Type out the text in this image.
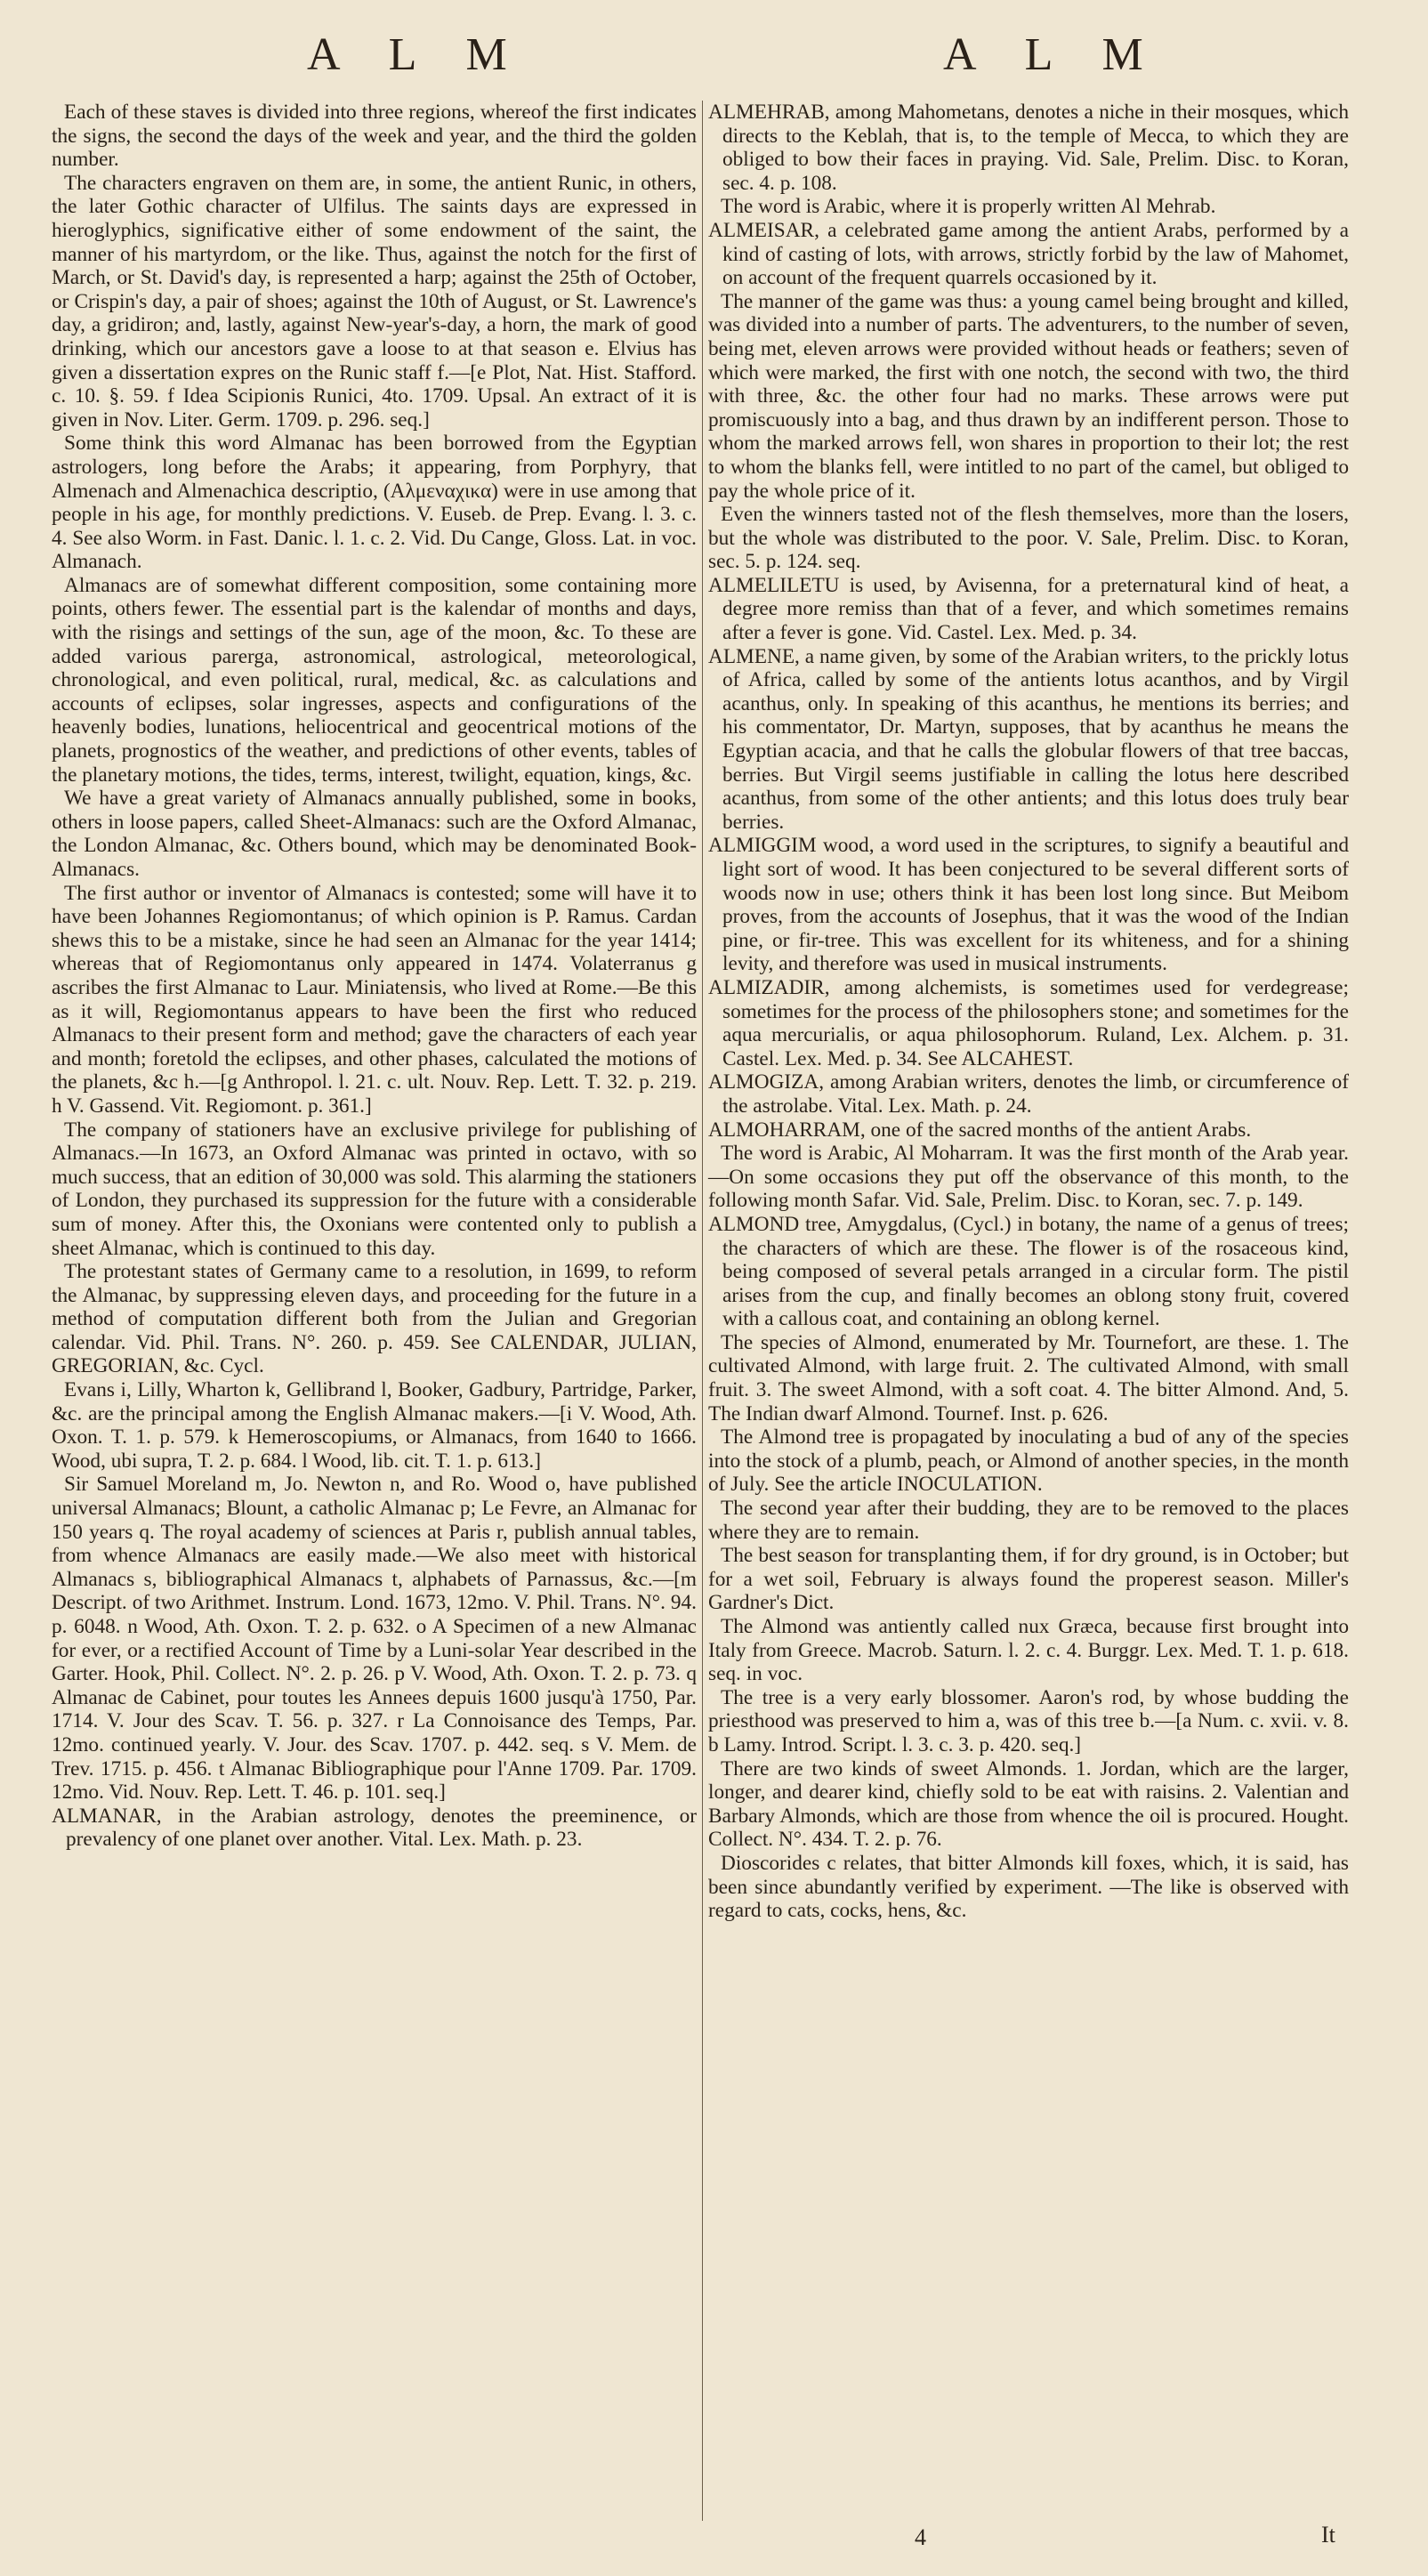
A L M	A L M

Each of these staves is divided into three regions, whereof the first indicates the signs, the second the days of the week and year, and the third the golden number.

The characters engraven on them are, in some, the antient Runic, in others, the later Gothic character of Ulfilus. The saints days are expressed in hieroglyphics, significative either of some endowment of the saint, the manner of his martyrdom, or the like. Thus, against the notch for the first of March, or St. David's day, is represented a harp; against the 25th of October, or Crispin's day, a pair of shoes; against the 10th of August, or St. Lawrence's day, a gridiron; and, lastly, against New-year's-day, a horn, the mark of good drinking, which our ancestors gave a loose to at that season e. Elvius has given a dissertation expres on the Runic staff f.—[e Plot, Nat. Hist. Stafford. c. 10. §. 59. f Idea Scipionis Runici, 4to. 1709. Upsal. An extract of it is given in Nov. Liter. Germ. 1709. p. 296. seq.]

Some think this word Almanac has been borrowed from the Egyptian astrologers, long before the Arabs; it appearing, from Porphyry, that Almenach and Almenachica descriptio, (Αλμεναχικα) were in use among that people in his age, for monthly predictions. V. Euseb. de Prep. Evang. l. 3. c. 4. See also Worm. in Fast. Danic. l. 1. c. 2. Vid. Du Cange, Gloss. Lat. in voc. Almanach.

Almanacs are of somewhat different composition, some containing more points, others fewer. The essential part is the kalendar of months and days, with the risings and settings of the sun, age of the moon, &c. To these are added various parerga, astronomical, astrological, meteorological, chronological, and even political, rural, medical, &c. as calculations and accounts of eclipses, solar ingresses, aspects and configurations of the heavenly bodies, lunations, heliocentrical and geocentrical motions of the planets, prognostics of the weather, and predictions of other events, tables of the planetary motions, the tides, terms, interest, twilight, equation, kings, &c.

We have a great variety of Almanacs annually published, some in books, others in loose papers, called Sheet-Almanacs: such are the Oxford Almanac, the London Almanac, &c. Others bound, which may be denominated Book-Almanacs.

The first author or inventor of Almanacs is contested; some will have it to have been Johannes Regiomontanus; of which opinion is P. Ramus. Cardan shews this to be a mistake, since he had seen an Almanac for the year 1414; whereas that of Regiomontanus only appeared in 1474. Volaterranus g ascribes the first Almanac to Laur. Miniatensis, who lived at Rome.—Be this as it will, Regiomontanus appears to have been the first who reduced Almanacs to their present form and method; gave the characters of each year and month; foretold the eclipses, and other phases, calculated the motions of the planets, &c h.—[g Anthropol. l. 21. c. ult. Nouv. Rep. Lett. T. 32. p. 219. h V. Gassend. Vit. Regiomont. p. 361.]

The company of stationers have an exclusive privilege for publishing of Almanacs.—In 1673, an Oxford Almanac was printed in octavo, with so much success, that an edition of 30,000 was sold. This alarming the stationers of London, they purchased its suppression for the future with a considerable sum of money. After this, the Oxonians were contented only to publish a sheet Almanac, which is continued to this day.

The protestant states of Germany came to a resolution, in 1699, to reform the Almanac, by suppressing eleven days, and proceeding for the future in a method of computation different both from the Julian and Gregorian calendar. Vid. Phil. Trans. N°. 260. p. 459. See CALENDAR, JULIAN, GREGORIAN, &c. Cycl.

Evans i, Lilly, Wharton k, Gellibrand l, Booker, Gadbury, Partridge, Parker, &c. are the principal among the English Almanac makers.—[i V. Wood, Ath. Oxon. T. 1. p. 579. k Hemeroscopiums, or Almanacs, from 1640 to 1666. Wood, ubi supra, T. 2. p. 684. l Wood, lib. cit. T. 1. p. 613.]

Sir Samuel Moreland m, Jo. Newton n, and Ro. Wood o, have published universal Almanacs; Blount, a catholic Almanac p; Le Fevre, an Almanac for 150 years q. The royal academy of sciences at Paris r, publish annual tables, from whence Almanacs are easily made.—We also meet with historical Almanacs s, bibliographical Almanacs t, alphabets of Parnassus, &c.—[m Descript. of two Arithmet. Instrum. Lond. 1673, 12mo. V. Phil. Trans. N°. 94. p. 6048. n Wood, Ath. Oxon. T. 2. p. 632. o A Specimen of a new Almanac for ever, or a rectified Account of Time by a Luni-solar Year described in the Garter. Hook, Phil. Collect. N°. 2. p. 26. p V. Wood, Ath. Oxon. T. 2. p. 73. q Almanac de Cabinet, pour toutes les Annees depuis 1600 jusqu'à 1750, Par. 1714. V. Jour des Scav. T. 56. p. 327. r La Connoisance des Temps, Par. 12mo. continued yearly. V. Jour. des Scav. 1707. p. 442. seq. s V. Mem. de Trev. 1715. p. 456. t Almanac Bibliographique pour l'Anne 1709. Par. 1709. 12mo. Vid. Nouv. Rep. Lett. T. 46. p. 101. seq.]

ALMANAR, in the Arabian astrology, denotes the preeminence, or prevalency of one planet over another. Vital. Lex. Math. p. 23.

ALMEHRAB, among Mahometans, denotes a niche in their mosques, which directs to the Keblah, that is, to the temple of Mecca, to which they are obliged to bow their faces in praying. Vid. Sale, Prelim. Disc. to Koran, sec. 4. p. 108.

The word is Arabic, where it is properly written Al Mehrab.

ALMEISAR, a celebrated game among the antient Arabs, performed by a kind of casting of lots, with arrows, strictly forbid by the law of Mahomet, on account of the frequent quarrels occasioned by it.

The manner of the game was thus: a young camel being brought and killed, was divided into a number of parts. The adventurers, to the number of seven, being met, eleven arrows were provided without heads or feathers; seven of which were marked, the first with one notch, the second with two, the third with three, &c. the other four had no marks. These arrows were put promiscuously into a bag, and thus drawn by an indifferent person. Those to whom the marked arrows fell, won shares in proportion to their lot; the rest to whom the blanks fell, were intitled to no part of the camel, but obliged to pay the whole price of it.

Even the winners tasted not of the flesh themselves, more than the losers, but the whole was distributed to the poor. V. Sale, Prelim. Disc. to Koran, sec. 5. p. 124. seq.

ALMELILETU is used, by Avisenna, for a preternatural kind of heat, a degree more remiss than that of a fever, and which sometimes remains after a fever is gone. Vid. Castel. Lex. Med. p. 34.

ALMENE, a name given, by some of the Arabian writers, to the prickly lotus of Africa, called by some of the antients lotus acanthos, and by Virgil acanthus, only. In speaking of this acanthus, he mentions its berries; and his commentator, Dr. Martyn, supposes, that by acanthus he means the Egyptian acacia, and that he calls the globular flowers of that tree baccas, berries. But Virgil seems justifiable in calling the lotus here described acanthus, from some of the other antients; and this lotus does truly bear berries.

ALMIGGIM wood, a word used in the scriptures, to signify a beautiful and light sort of wood. It has been conjectured to be several different sorts of woods now in use; others think it has been lost long since. But Meibom proves, from the accounts of Josephus, that it was the wood of the Indian pine, or fir-tree. This was excellent for its whiteness, and for a shining levity, and therefore was used in musical instruments.

ALMIZADIR, among alchemists, is sometimes used for verdegrease; sometimes for the process of the philosophers stone; and sometimes for the aqua mercurialis, or aqua philosophorum. Ruland, Lex. Alchem. p. 31. Castel. Lex. Med. p. 34. See ALCAHEST.

ALMOGIZA, among Arabian writers, denotes the limb, or circumference of the astrolabe. Vital. Lex. Math. p. 24.

ALMOHARRAM, one of the sacred months of the antient Arabs.

The word is Arabic, Al Moharram. It was the first month of the Arab year.—On some occasions they put off the observance of this month, to the following month Safar. Vid. Sale, Prelim. Disc. to Koran, sec. 7. p. 149.

ALMOND tree, Amygdalus, (Cycl.) in botany, the name of a genus of trees; the characters of which are these. The flower is of the rosaceous kind, being composed of several petals arranged in a circular form. The pistil arises from the cup, and finally becomes an oblong stony fruit, covered with a callous coat, and containing an oblong kernel.

The species of Almond, enumerated by Mr. Tournefort, are these. 1. The cultivated Almond, with large fruit. 2. The cultivated Almond, with small fruit. 3. The sweet Almond, with a soft coat. 4. The bitter Almond. And, 5. The Indian dwarf Almond. Tournef. Inst. p. 626.

The Almond tree is propagated by inoculating a bud of any of the species into the stock of a plumb, peach, or Almond of another species, in the month of July. See the article INOCULATION.

The second year after their budding, they are to be removed to the places where they are to remain.

The best season for transplanting them, if for dry ground, is in October; but for a wet soil, February is always found the properest season. Miller's Gardner's Dict.

The Almond was antiently called nux Græca, because first brought into Italy from Greece. Macrob. Saturn. l. 2. c. 4. Burggr. Lex. Med. T. 1. p. 618. seq. in voc.

The tree is a very early blossomer. Aaron's rod, by whose budding the priesthood was preserved to him a, was of this tree b.—[a Num. c. xvii. v. 8. b Lamy. Introd. Script. l. 3. c. 3. p. 420. seq.]

There are two kinds of sweet Almonds. 1. Jordan, which are the larger, longer, and dearer kind, chiefly sold to be eat with raisins. 2. Valentian and Barbary Almonds, which are those from whence the oil is procured. Hought. Collect. N°. 434. T. 2. p. 76.

Dioscorides c relates, that bitter Almonds kill foxes, which, it is said, has been since abundantly verified by experiment. —The like is observed with regard to cats, cocks, hens, &c.

4	It
